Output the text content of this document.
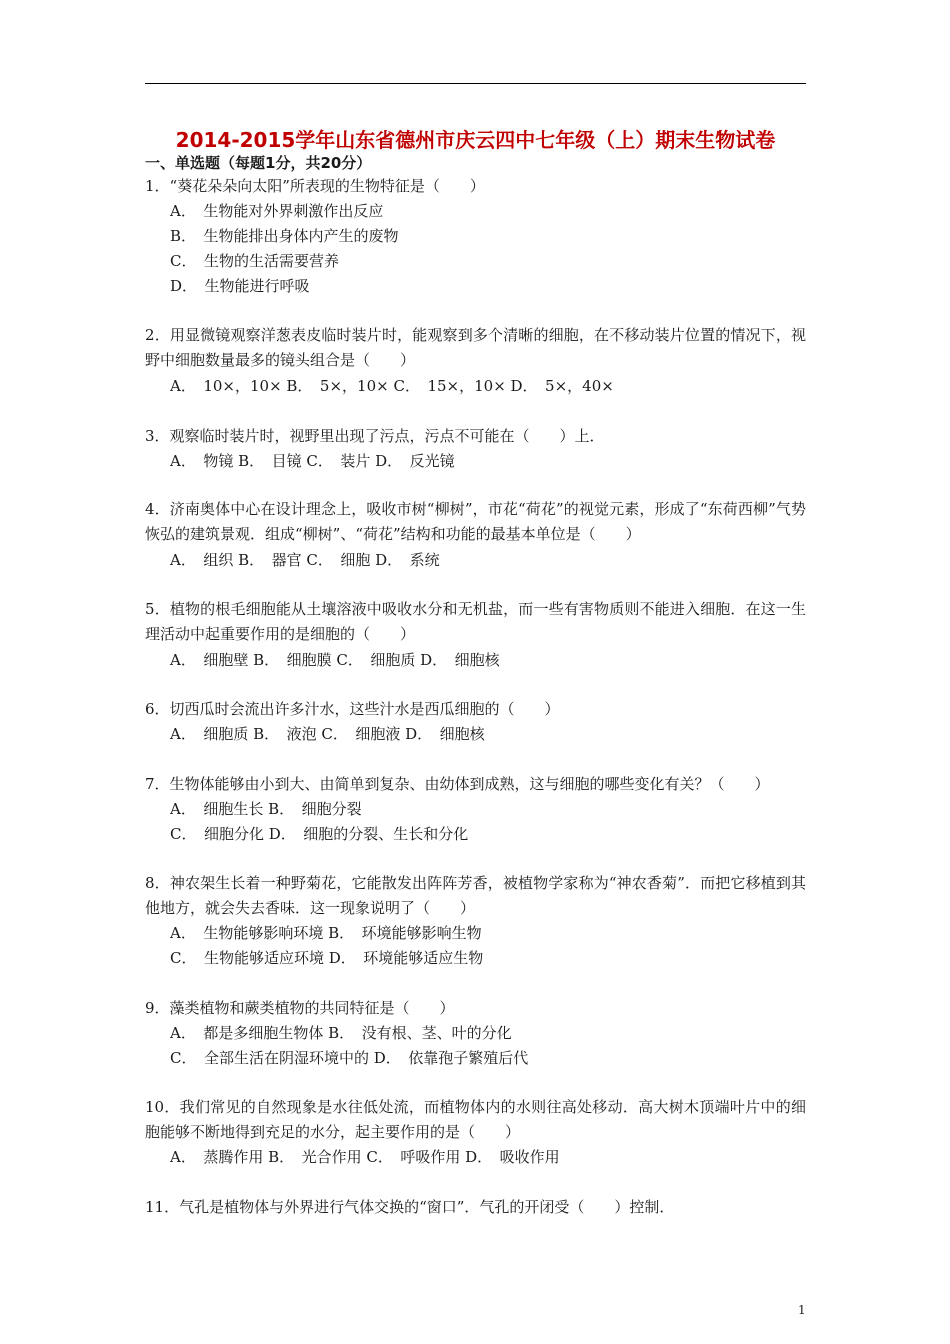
2014-2015学年山东省德州市庆云四中七年级（上）期末生物试卷
一、单选题（每题1分，共20分）
1．“葵花朵朵向太阳”所表现的生物特征是（　　）
A．　生物能对外界刺激作出反应
B．　生物能排出身体内产生的废物
C．　生物的生活需要营养
D．　生物能进行呼吸
2．用显微镜观察洋葱表皮临时装片时，能观察到多个清晰的细胞，在不移动装片位置的情况下，视野中细胞数量最多的镜头组合是（　　）
A．　10×，10× B．　5×，10× C．　15×，10× D．　5×，40×
3．观察临时装片时，视野里出现了污点，污点不可能在（　　）上．
A．　物镜 B．　目镜 C．　装片 D．　反光镜
4．济南奥体中心在设计理念上，吸收市树“柳树”，市花“荷花”的视觉元素，形成了“东荷西柳”气势恢弘的建筑景观．组成“柳树”、“荷花”结构和功能的最基本单位是（　　）
A．　组织 B．　器官 C．　细胞 D．　系统
5．植物的根毛细胞能从土壤溶液中吸收水分和无机盐，而一些有害物质则不能进入细胞．在这一生理活动中起重要作用的是细胞的（　　）
A．　细胞壁 B．　细胞膜 C．　细胞质 D．　细胞核
6．切西瓜时会流出许多汁水，这些汁水是西瓜细胞的（　　）
A．　细胞质 B．　液泡 C．　细胞液 D．　细胞核
7．生物体能够由小到大、由简单到复杂、由幼体到成熟，这与细胞的哪些变化有关？（　　）
A．　细胞生长 B．　细胞分裂
C．　细胞分化 D．　细胞的分裂、生长和分化
8．神农架生长着一种野菊花，它能散发出阵阵芳香，被植物学家称为“神农香菊”．而把它移植到其他地方，就会失去香味．这一现象说明了（　　）
A．　生物能够影响环境 B．　环境能够影响生物
C．　生物能够适应环境 D．　环境能够适应生物
9．藻类植物和蕨类植物的共同特征是（　　）
A．　都是多细胞生物体 B．　没有根、茎、叶的分化
C．　全部生活在阴湿环境中的 D．　依靠孢子繁殖后代
10．我们常见的自然现象是水往低处流，而植物体内的水则往高处移动．高大树木顶端叶片中的细胞能够不断地得到充足的水分，起主要作用的是（　　）
A．　蒸腾作用 B．　光合作用 C．　呼吸作用 D．　吸收作用
11．气孔是植物体与外界进行气体交换的“窗口”．气孔的开闭受（　　）控制．
1
